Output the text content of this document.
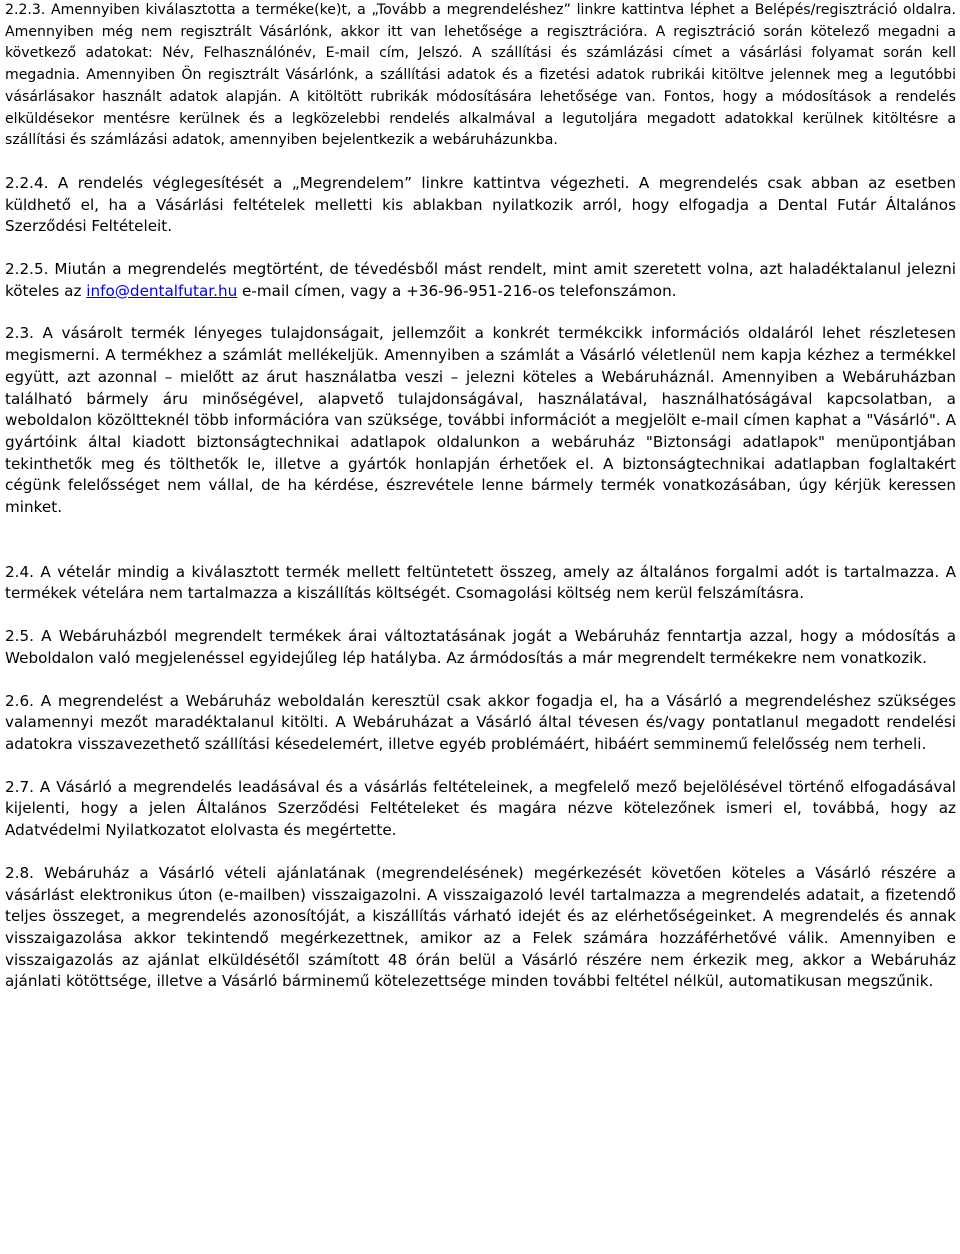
2.2.3. Amennyiben kiválasztotta a terméke(ke)t, a „Tovább a megrendeléshez” linkre kattintva léphet a Belépés/regisztráció oldalra. Amennyiben még nem regisztrált Vásárlónk, akkor itt van lehetősége a regisztrációra. A regisztráció során kötelező megadni a következő adatokat: Név, Felhasználónév, E-mail cím, Jelszó. A szállítási és számlázási címet a vásárlási folyamat során kell megadnia. Amennyiben Ön regisztrált Vásárlónk, a szállítási adatok és a fizetési adatok rubrikái kitöltve jelennek meg a legutóbbi vásárlásakor használt adatok alapján. A kitöltött rubrikák módosítására lehetősége van. Fontos, hogy a módosítások a rendelés elküldésekor mentésre kerülnek és a legközelebbi rendelés alkalmával a legutoljára megadott adatokkal kerülnek kitöltésre a szállítási és számlázási adatok, amennyiben bejelentkezik a webáruházunkba.

2.2.4. A rendelés véglegesítését a „Megrendelem” linkre kattintva végezheti. A megrendelés csak abban az esetben küldhető el, ha a Vásárlási feltételek melletti kis ablakban nyilatkozik arról, hogy elfogadja a Dental Futár Általános Szerződési Feltételeit.

2.2.5. Miután a megrendelés megtörtént, de tévedésből mást rendelt, mint amit szeretett volna, azt haladéktalanul jelezni köteles az info@dentalfutar.hu e-mail címen, vagy a +36-96-951-216-os telefonszámon.

2.3. A vásárolt termék lényeges tulajdonságait, jellemzőit a konkrét termékcikk információs oldaláról lehet részletesen megismerni. A termékhez a számlát mellékeljük. Amennyiben a számlát a Vásárló véletlenül nem kapja kézhez a termékkel együtt, azt azonnal – mielőtt az árut használatba veszi – jelezni köteles a Webáruháznál. Amennyiben a Webáruházban található bármely áru minőségével, alapvető tulajdonságával, használatával, használhatóságával kapcsolatban, a weboldalon közöltteknél több információra van szüksége, további információt a megjelölt e-mail címen kaphat a "Vásárló". A gyártóink által kiadott biztonságtechnikai adatlapok oldalunkon a webáruház "Biztonsági adatlapok" menüpontjában tekinthetők meg és tölthetők le, illetve a gyártók honlapján érhetőek el. A biztonságtechnikai adatlapban foglaltakért cégünk felelősséget nem vállal, de ha kérdése, észrevétele lenne bármely termék vonatkozásában, úgy kérjük keressen minket.

2.4. A vételár mindig a kiválasztott termék mellett feltüntetett összeg, amely az általános forgalmi adót is tartalmazza. A termékek vételára nem tartalmazza a kiszállítás költségét. Csomagolási költség nem kerül felszámításra.

2.5. A Webáruházból megrendelt termékek árai változtatásának jogát a Webáruház fenntartja azzal, hogy a módosítás a Weboldalon való megjelenéssel egyidejűleg lép hatályba. Az ármódosítás a már megrendelt termékekre nem vonatkozik.

2.6. A megrendelést a Webáruház weboldalán keresztül csak akkor fogadja el, ha a Vásárló a megrendeléshez szükséges valamennyi mezőt maradéktalanul kitölti. A Webáruházat a Vásárló által tévesen és/vagy pontatlanul megadott rendelési adatokra visszavezethető szállítási késedelemért, illetve egyéb problémáért, hibáért semminemű felelősség nem terheli.

2.7. A Vásárló a megrendelés leadásával és a vásárlás feltételeinek, a megfelelő mező bejelölésével történő elfogadásával kijelenti, hogy a jelen Általános Szerződési Feltételeket és magára nézve kötelezőnek ismeri el, továbbá, hogy az Adatvédelmi Nyilatkozatot elolvasta és megértette.

2.8. Webáruház a Vásárló vételi ajánlatának (megrendelésének) megérkezését követően köteles a Vásárló részére a vásárlást elektronikus úton (e-mailben) visszaigazolni. A visszaigazoló levél tartalmazza a megrendelés adatait, a fizetendő teljes összeget, a megrendelés azonosítóját, a kiszállítás várható idejét és az elérhetőségeinket. A megrendelés és annak visszaigazolása akkor tekintendő megérkezettnek, amikor az a Felek számára hozzáférhetővé válik. Amennyiben e visszaigazolás az ajánlat elküldésétől számított 48 órán belül a Vásárló részére nem érkezik meg, akkor a Webáruház ajánlati kötöttsége, illetve a Vásárló bárminemű kötelezettsége minden további feltétel nélkül, automatikusan megszűnik.
